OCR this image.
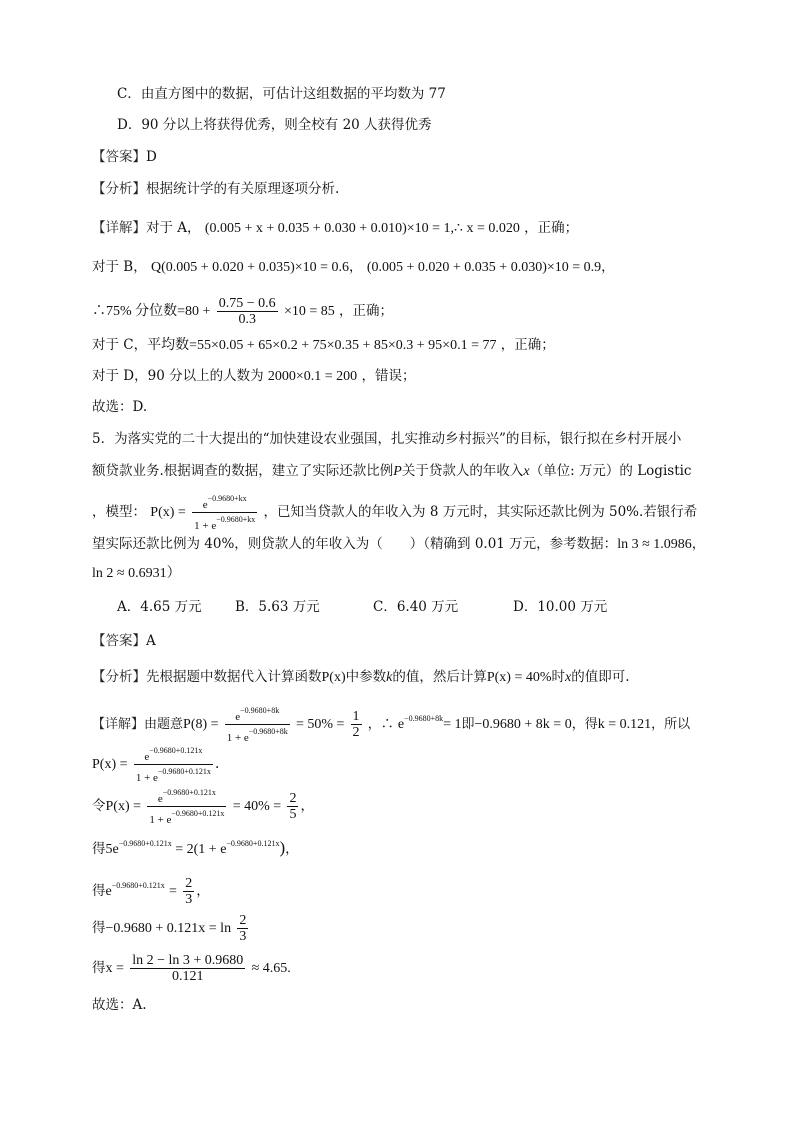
C．由直方图中的数据，可估计这组数据的平均数为 77
D．90 分以上将获得优秀，则全校有 20 人获得优秀
【答案】D
【分析】根据统计学的有关原理逐项分析.
【详解】对于 A， (0.005 + x + 0.035 + 0.030 + 0.010)×10 = 1,∴ x = 0.020 ，正确；
对于 B， Q(0.005 + 0.020 + 0.035)×10 = 0.6， (0.005 + 0.020 + 0.035 + 0.030)×10 = 0.9，
∴75% 分位数$=80 + \frac{0.75 - 0.6}{0.3} \times 10 = 85$ ，正确；
对于 C，平均数=55×0.05 + 65×0.2 + 75×0.35 + 85×0.3 + 95×0.1 = 77 ，正确；
对于 D，90 分以上的人数为 2000×0.1 = 200 ，错误；
故选：D.
5．为落实党的二十大提出的“加快建设农业强国，扎实推动乡村振兴”的目标，银行拟在乡村开展小
额贷款业务.根据调查的数据，建立了实际还款比例P关于贷款人的年收入x（单位: 万元）的 Logistic
，模型： $P(x) = \frac{e^{-0.9680+kx}}{1 + e^{-0.9680+kx}}$ ，已知当贷款人的年收入为 8 万元时，其实际还款比例为 50%.若银行希
望实际还款比例为 40%，则贷款人的年收入为（　　）（精确到 0.01 万元，参考数据：ln 3 ≈ 1.0986，
ln 2 ≈ 0.6931）
A．4.65 万元 B．5.63 万元	C．6.40 万元	D．10.00 万元
【答案】A
【分析】先根据题中数据代入计算函数P(x)中参数k的值，然后计算P(x) = 40%时x的值即可.
【详解】由题意$P(8) = \frac{e^{-0.9680+8k}}{1 + e^{-0.9680+8k}} = 50\% = \frac{1}{2}$ ，∴ $e^{-0.9680+8k}= 1$即−0.9680 + 8k = 0，得k = 0.121，所以
$P(x) = \frac{e^{-0.9680+0.121x}}{1 + e^{-0.9680+0.121x}}$ .
令$P(x) = \frac{e^{-0.9680+0.121x}}{1 + e^{-0.9680+0.121x}} = 40\% = \frac{2}{5}$ ，
得$5e^{-0.9680+0.121x} = 2(1 + e^{-0.9680+0.121x})$，
得$e^{-0.9680+0.121x} = \frac{2}{3}$ ，
得$-0.9680 + 0.121x = \ln \frac{2}{3}$
得$x = \frac{\ln 2 - \ln 3 + 0.9680}{0.121} \approx 4.65$.
故选：A.
